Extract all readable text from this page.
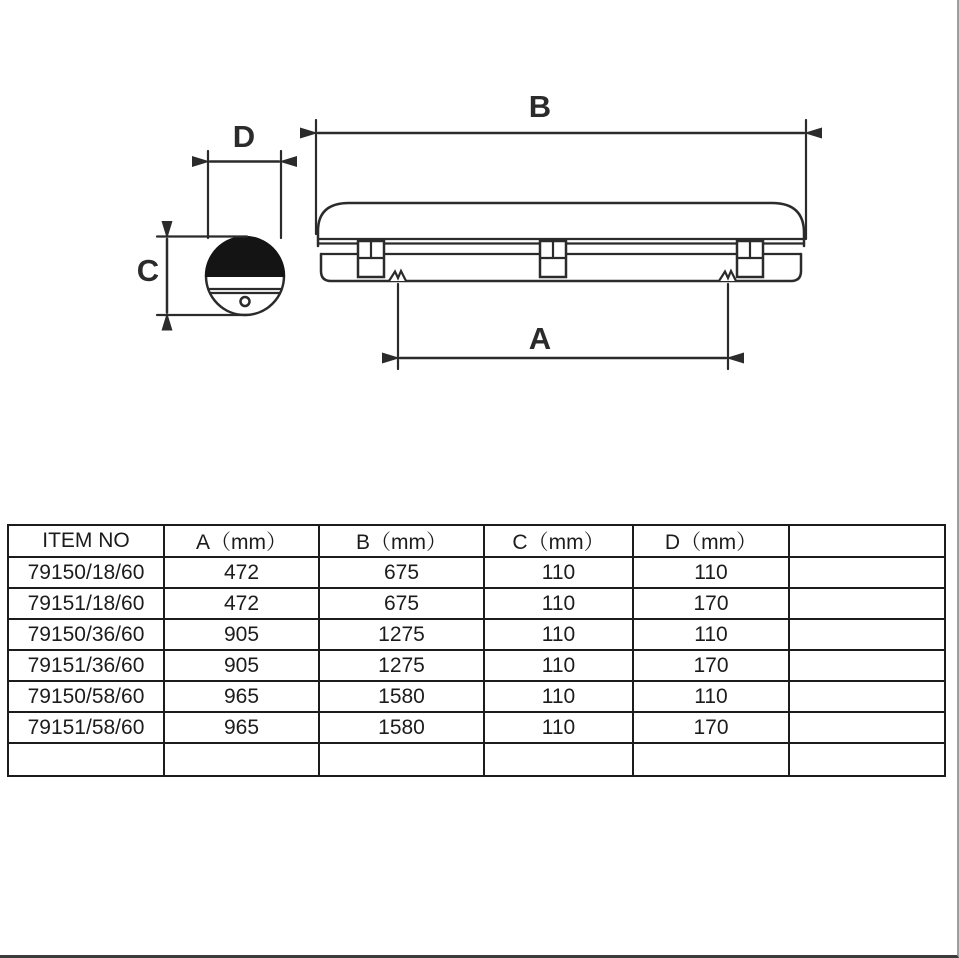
D
C
B
A
ITEM NO	A（mm）	B（mm）	C（mm）	D（mm）	
79150/18/60	472	675	110	110	
79151/18/60	472	675	110	170	
79150/36/60	905	1275	110	110	
79151/36/60	905	1275	110	170	
79150/58/60	965	1580	110	110	
79151/58/60	965	1580	110	170	
